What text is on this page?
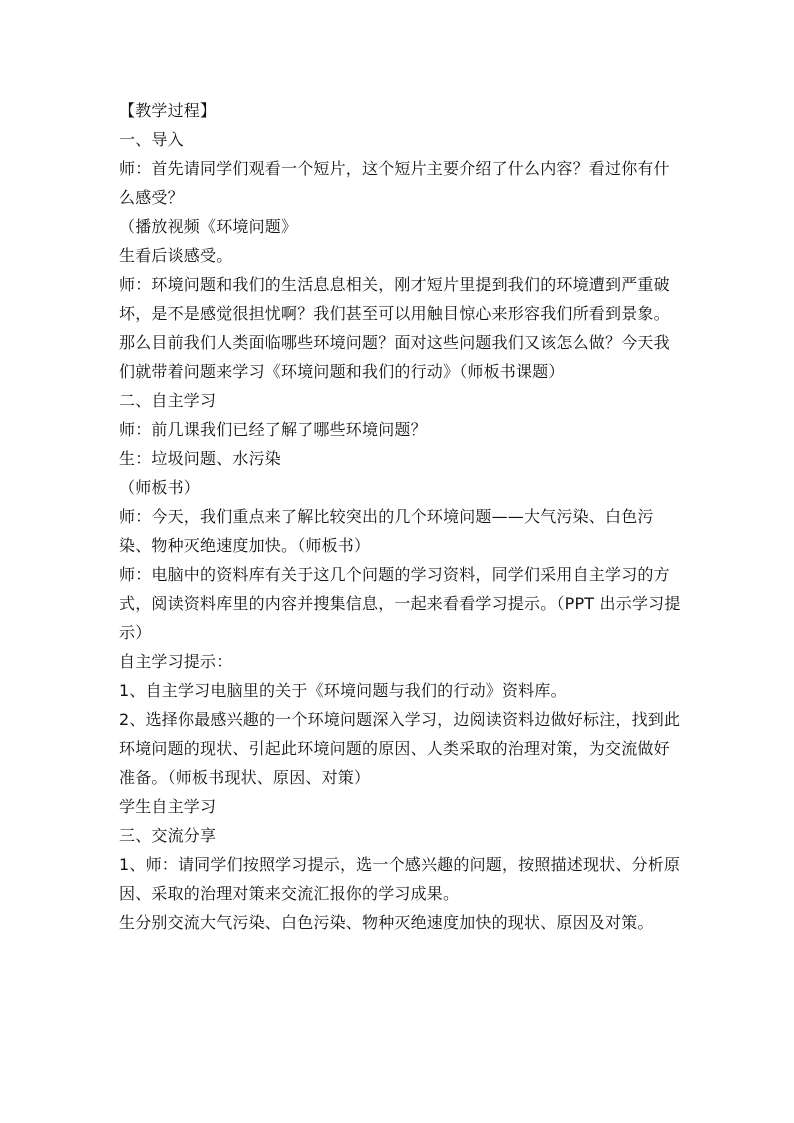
【教学过程】

一、导入

师：首先请同学们观看一个短片，这个短片主要介绍了什么内容？看过你有什

么感受？

（播放视频《环境问题》

生看后谈感受。

师：环境问题和我们的生活息息相关，刚才短片里提到我们的环境遭到严重破

坏，是不是感觉很担忧啊？我们甚至可以用触目惊心来形容我们所看到景象。

那么目前我们人类面临哪些环境问题？面对这些问题我们又该怎么做？今天我

们就带着问题来学习《环境问题和我们的行动》（师板书课题）

二、自主学习

师：前几课我们已经了解了哪些环境问题？

生：垃圾问题、水污染

（师板书）

师：今天，我们重点来了解比较突出的几个环境问题——大气污染、白色污

染、物种灭绝速度加快。（师板书）

师：电脑中的资料库有关于这几个问题的学习资料，同学们采用自主学习的方

式，阅读资料库里的内容并搜集信息，一起来看看学习提示。（PPT 出示学习提

示）

自主学习提示：

1、自主学习电脑里的关于《环境问题与我们的行动》资料库。

2、选择你最感兴趣的一个环境问题深入学习，边阅读资料边做好标注，找到此

环境问题的现状、引起此环境问题的原因、人类采取的治理对策，为交流做好

准备。（师板书现状、原因、对策）

学生自主学习

三、交流分享

1、师：请同学们按照学习提示，选一个感兴趣的问题，按照描述现状、分析原

因、采取的治理对策来交流汇报你的学习成果。

生分别交流大气污染、白色污染、物种灭绝速度加快的现状、原因及对策。
